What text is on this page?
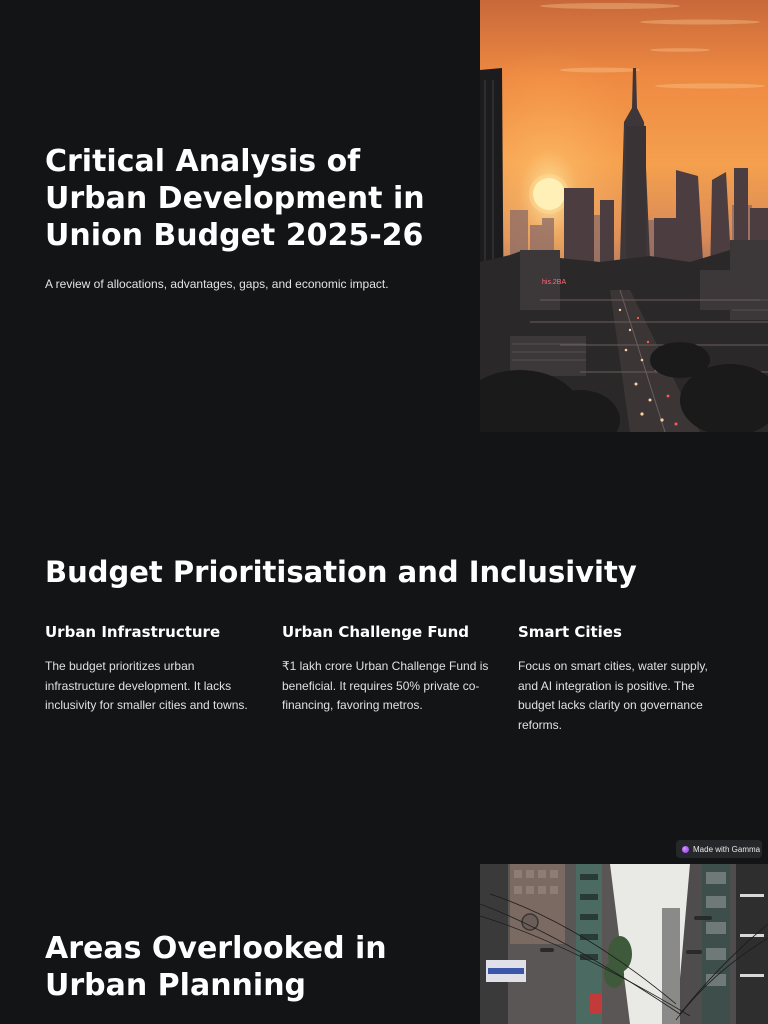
Critical Analysis of Urban Development in Union Budget 2025-26

A review of allocations, advantages, gaps, and economic impact.	his.2BA
Budget Prioritisation and Inclusivity
Urban Infrastructure

The budget prioritizes urban infrastructure development. It lacks inclusivity for smaller cities and towns.

Urban Challenge Fund

₹1 lakh crore Urban Challenge Fund is beneficial. It requires 50% private co-financing, favoring metros.

Smart Cities

Focus on smart cities, water supply, and AI integration is positive. The budget lacks clarity on governance reforms.

Made with Gamma
Areas Overlooked in Urban Planning
